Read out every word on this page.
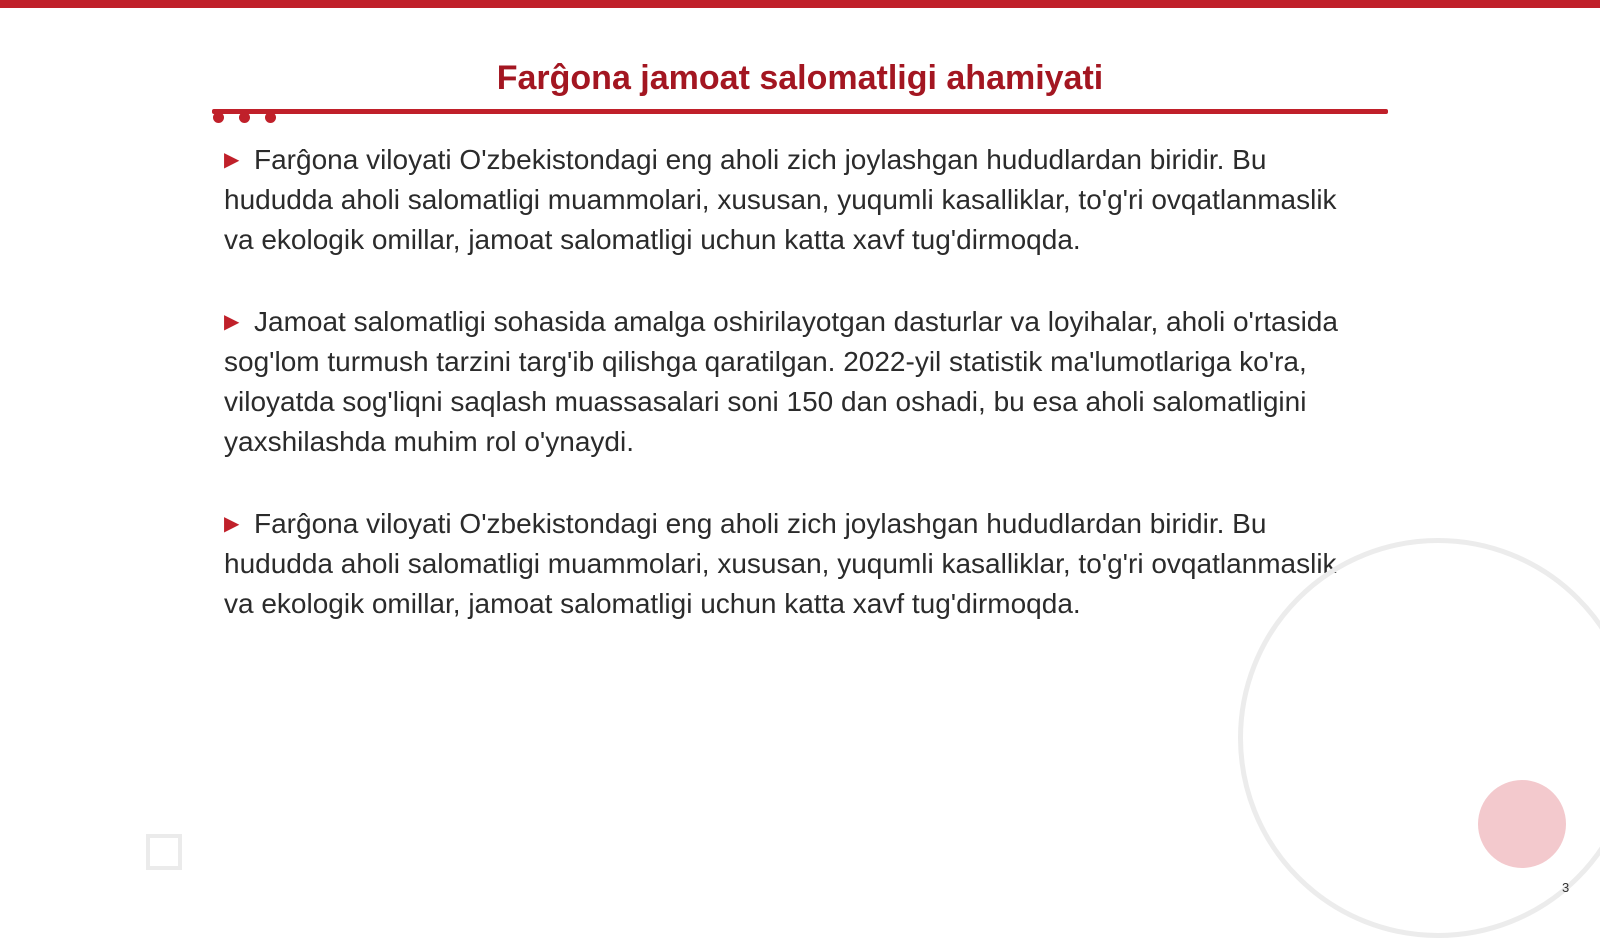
Farĝona jamoat salomatligi ahamiyati

▶ Farĝona viloyati O'zbekistondagi eng aholi zich joylashgan hududlardan biridir. Bu hududda aholi salomatligi muammolari, xususan, yuqumli kasalliklar, to'g'ri ovqatlanmaslik va ekologik omillar, jamoat salomatligi uchun katta xavf tug'dirmoqda.

▶ Jamoat salomatligi sohasida amalga oshirilayotgan dasturlar va loyihalar, aholi o'rtasida sog'lom turmush tarzini targ'ib qilishga qaratilgan. 2022-yil statistik ma'lumotlariga ko'ra, viloyatda sog'liqni saqlash muassasalari soni 150 dan oshadi, bu esa aholi salomatligini yaxshilashda muhim rol o'ynaydi.

▶ Farĝona viloyati O'zbekistondagi eng aholi zich joylashgan hududlardan biridir. Bu hududda aholi salomatligi muammolari, xususan, yuqumli kasalliklar, to'g'ri ovqatlanmaslik va ekologik omillar, jamoat salomatligi uchun katta xavf tug'dirmoqda.

3
